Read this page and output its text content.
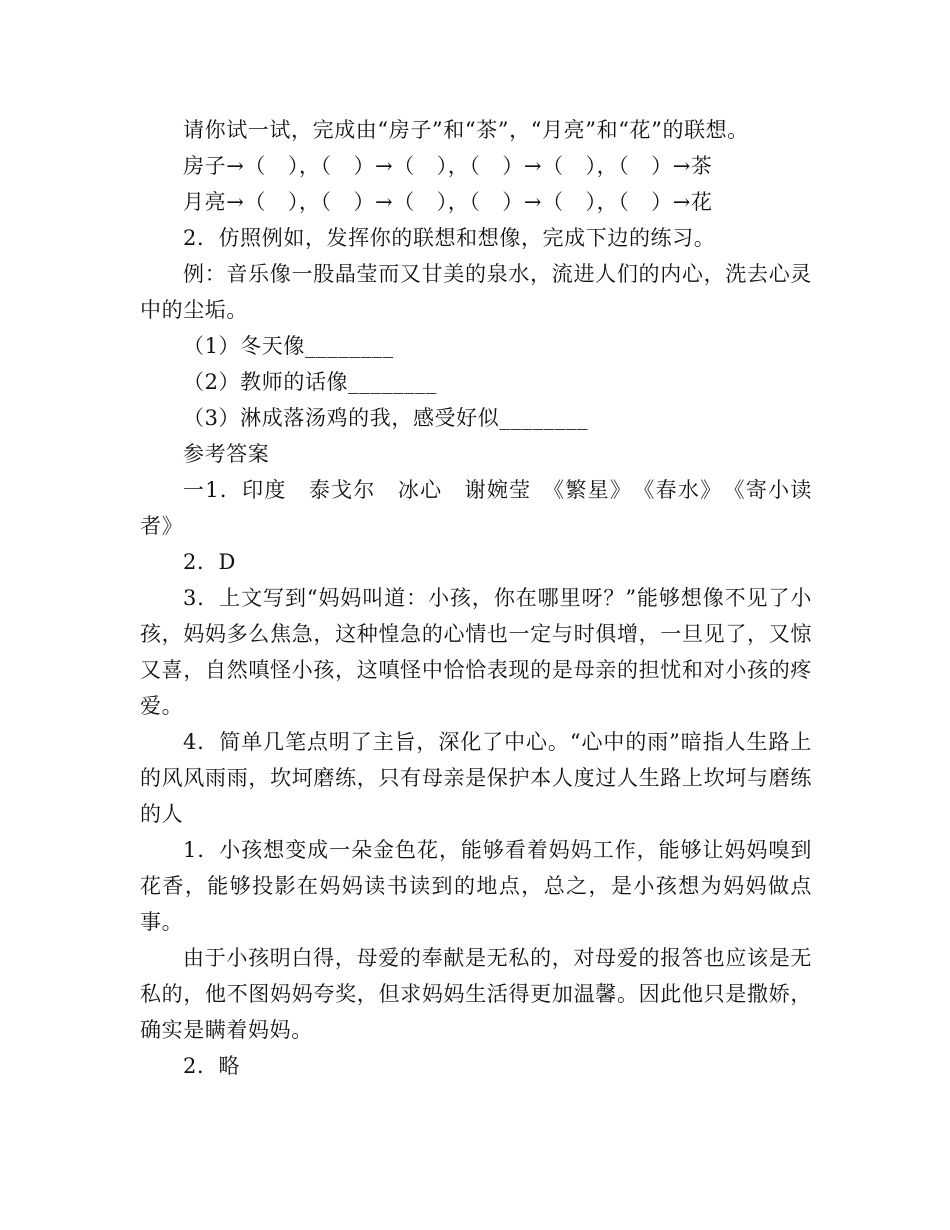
请你试一试，完成由“房子”和“茶”，“月亮”和“花”的联想。

房子→（   ），（   ）→（   ），（   ）→（   ），（   ）→茶
月亮→（   ），（   ）→（   ），（   ）→（   ），（   ）→花

2．仿照例如，发挥你的联想和想像，完成下边的练习。

例：音乐像一股晶莹而又甘美的泉水，流进人们的内心，洗去心灵中的尘垢。

（1）冬天像________

（2）教师的话像________

（3）淋成落汤鸡的我，感受好似________

参考答案

一1．印度　泰戈尔　冰心　谢婉莹　《繁星》　《春水》　《寄小读者》

2．D

3．上文写到“妈妈叫道：小孩，你在哪里呀？”能够想像不见了小孩，妈妈多么焦急，这种惶急的心情也一定与时俱增，一旦见了，又惊又喜，自然嗔怪小孩，这嗔怪中恰恰表现的是母亲的担忧和对小孩的疼爱。

4．简单几笔点明了主旨，深化了中心。“心中的雨”暗指人生路上的风风雨雨，坎坷磨练，只有母亲是保护本人度过人生路上坎坷与磨练的人

1．小孩想变成一朵金色花，能够看着妈妈工作，能够让妈妈嗅到花香，能够投影在妈妈读书读到的地点，总之，是小孩想为妈妈做点事。

由于小孩明白得，母爱的奉献是无私的，对母爱的报答也应该是无私的，他不图妈妈夸奖，但求妈妈生活得更加温馨。因此他只是撒娇，确实是瞒着妈妈。

2．略
